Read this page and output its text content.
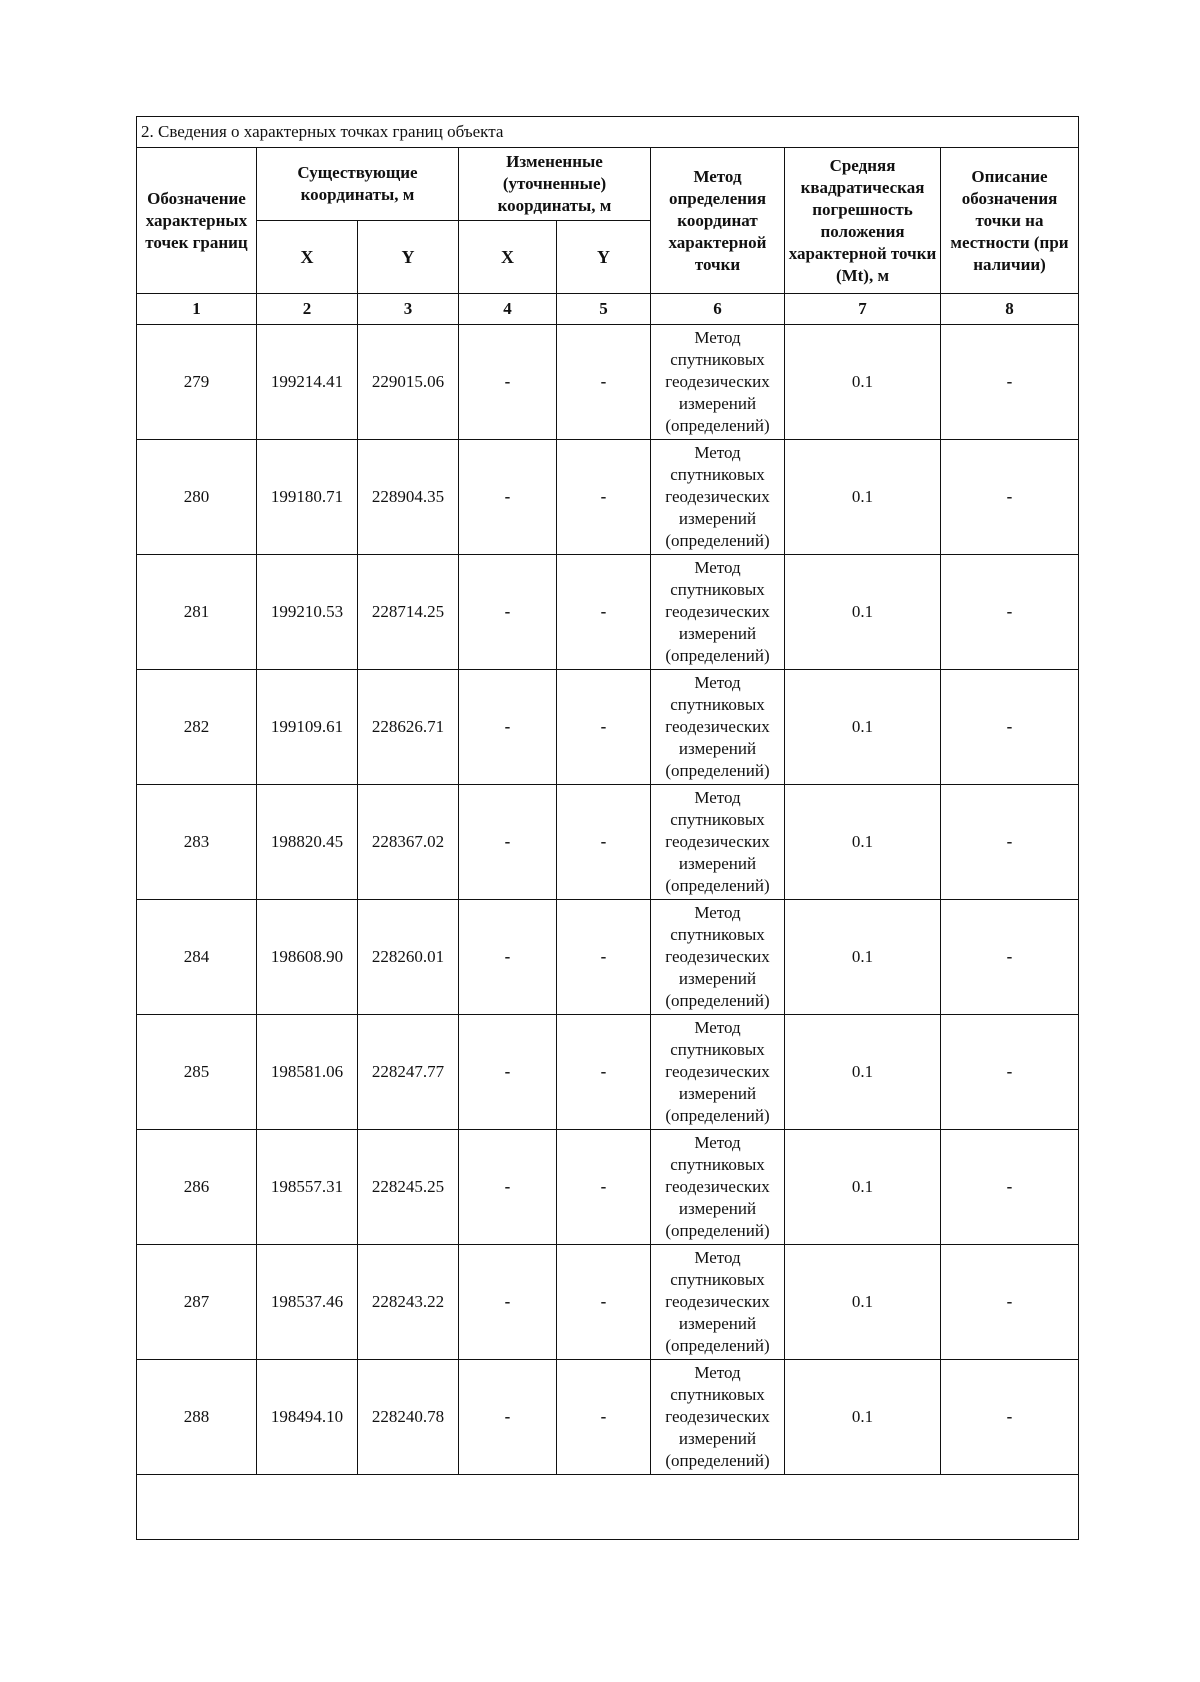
2. Сведения о характерных точках границ объекта							
Обозначение характерных точек границ	Существующие координаты, м		Измененные (уточненные) координаты, м		Метод определения координат характерной точки	Средняя квадратическая погрешность положения характерной точки (Mt), м	Описание обозначения точки на местности (при наличии)
	X	Y	X	Y			
1	2	3	4	5	6	7	8
279	199214.41	229015.06	-	-	Метод спутниковых геодезических измерений (определений)	0.1	-
280	199180.71	228904.35	-	-	Метод спутниковых геодезических измерений (определений)	0.1	-
281	199210.53	228714.25	-	-	Метод спутниковых геодезических измерений (определений)	0.1	-
282	199109.61	228626.71	-	-	Метод спутниковых геодезических измерений (определений)	0.1	-
283	198820.45	228367.02	-	-	Метод спутниковых геодезических измерений (определений)	0.1	-
284	198608.90	228260.01	-	-	Метод спутниковых геодезических измерений (определений)	0.1	-
285	198581.06	228247.77	-	-	Метод спутниковых геодезических измерений (определений)	0.1	-
286	198557.31	228245.25	-	-	Метод спутниковых геодезических измерений (определений)	0.1	-
287	198537.46	228243.22	-	-	Метод спутниковых геодезических измерений (определений)	0.1	-
288	198494.10	228240.78	-	-	Метод спутниковых геодезических измерений (определений)	0.1	-
